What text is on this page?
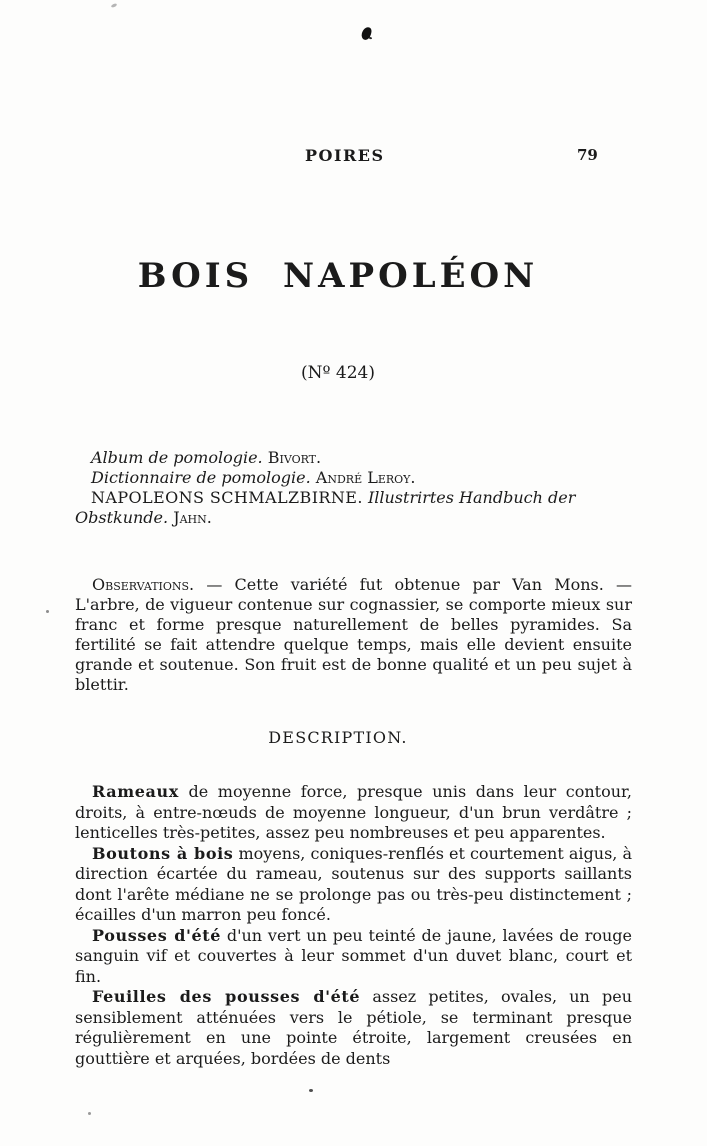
POIRES	79
BOIS NAPOLÉON
(Nº 424)

Album de pomologie. Bivort.

Dictionnaire de pomologie. André Leroy.

NAPOLEONS SCHMALZBIRNE. Illustrirtes Handbuch der Obstkunde. Jahn.

Observations. — Cette variété fut obtenue par Van Mons. — L'arbre, de vigueur contenue sur cognassier, se comporte mieux sur franc et forme presque naturellement de belles pyramides. Sa fertilité se fait attendre quelque temps, mais elle devient ensuite grande et soutenue. Son fruit est de bonne qualité et un peu sujet à blettir.

DESCRIPTION.

Rameaux de moyenne force, presque unis dans leur contour, droits, à entre-nœuds de moyenne longueur, d'un brun verdâtre ; lenticelles très-petites, assez peu nombreuses et peu apparentes.

Boutons à bois moyens, coniques-renflés et courtement aigus, à direction écartée du rameau, soutenus sur des supports saillants dont l'arête médiane ne se prolonge pas ou très-peu distinctement ; écailles d'un marron peu foncé.

Pousses d'été d'un vert un peu teinté de jaune, lavées de rouge sanguin vif et couvertes à leur sommet d'un duvet blanc, court et fin.

Feuilles des pousses d'été assez petites, ovales, un peu sensiblement atténuées vers le pétiole, se terminant presque régulièrement en une pointe étroite, largement creusées en gouttière et arquées, bordées de dents
